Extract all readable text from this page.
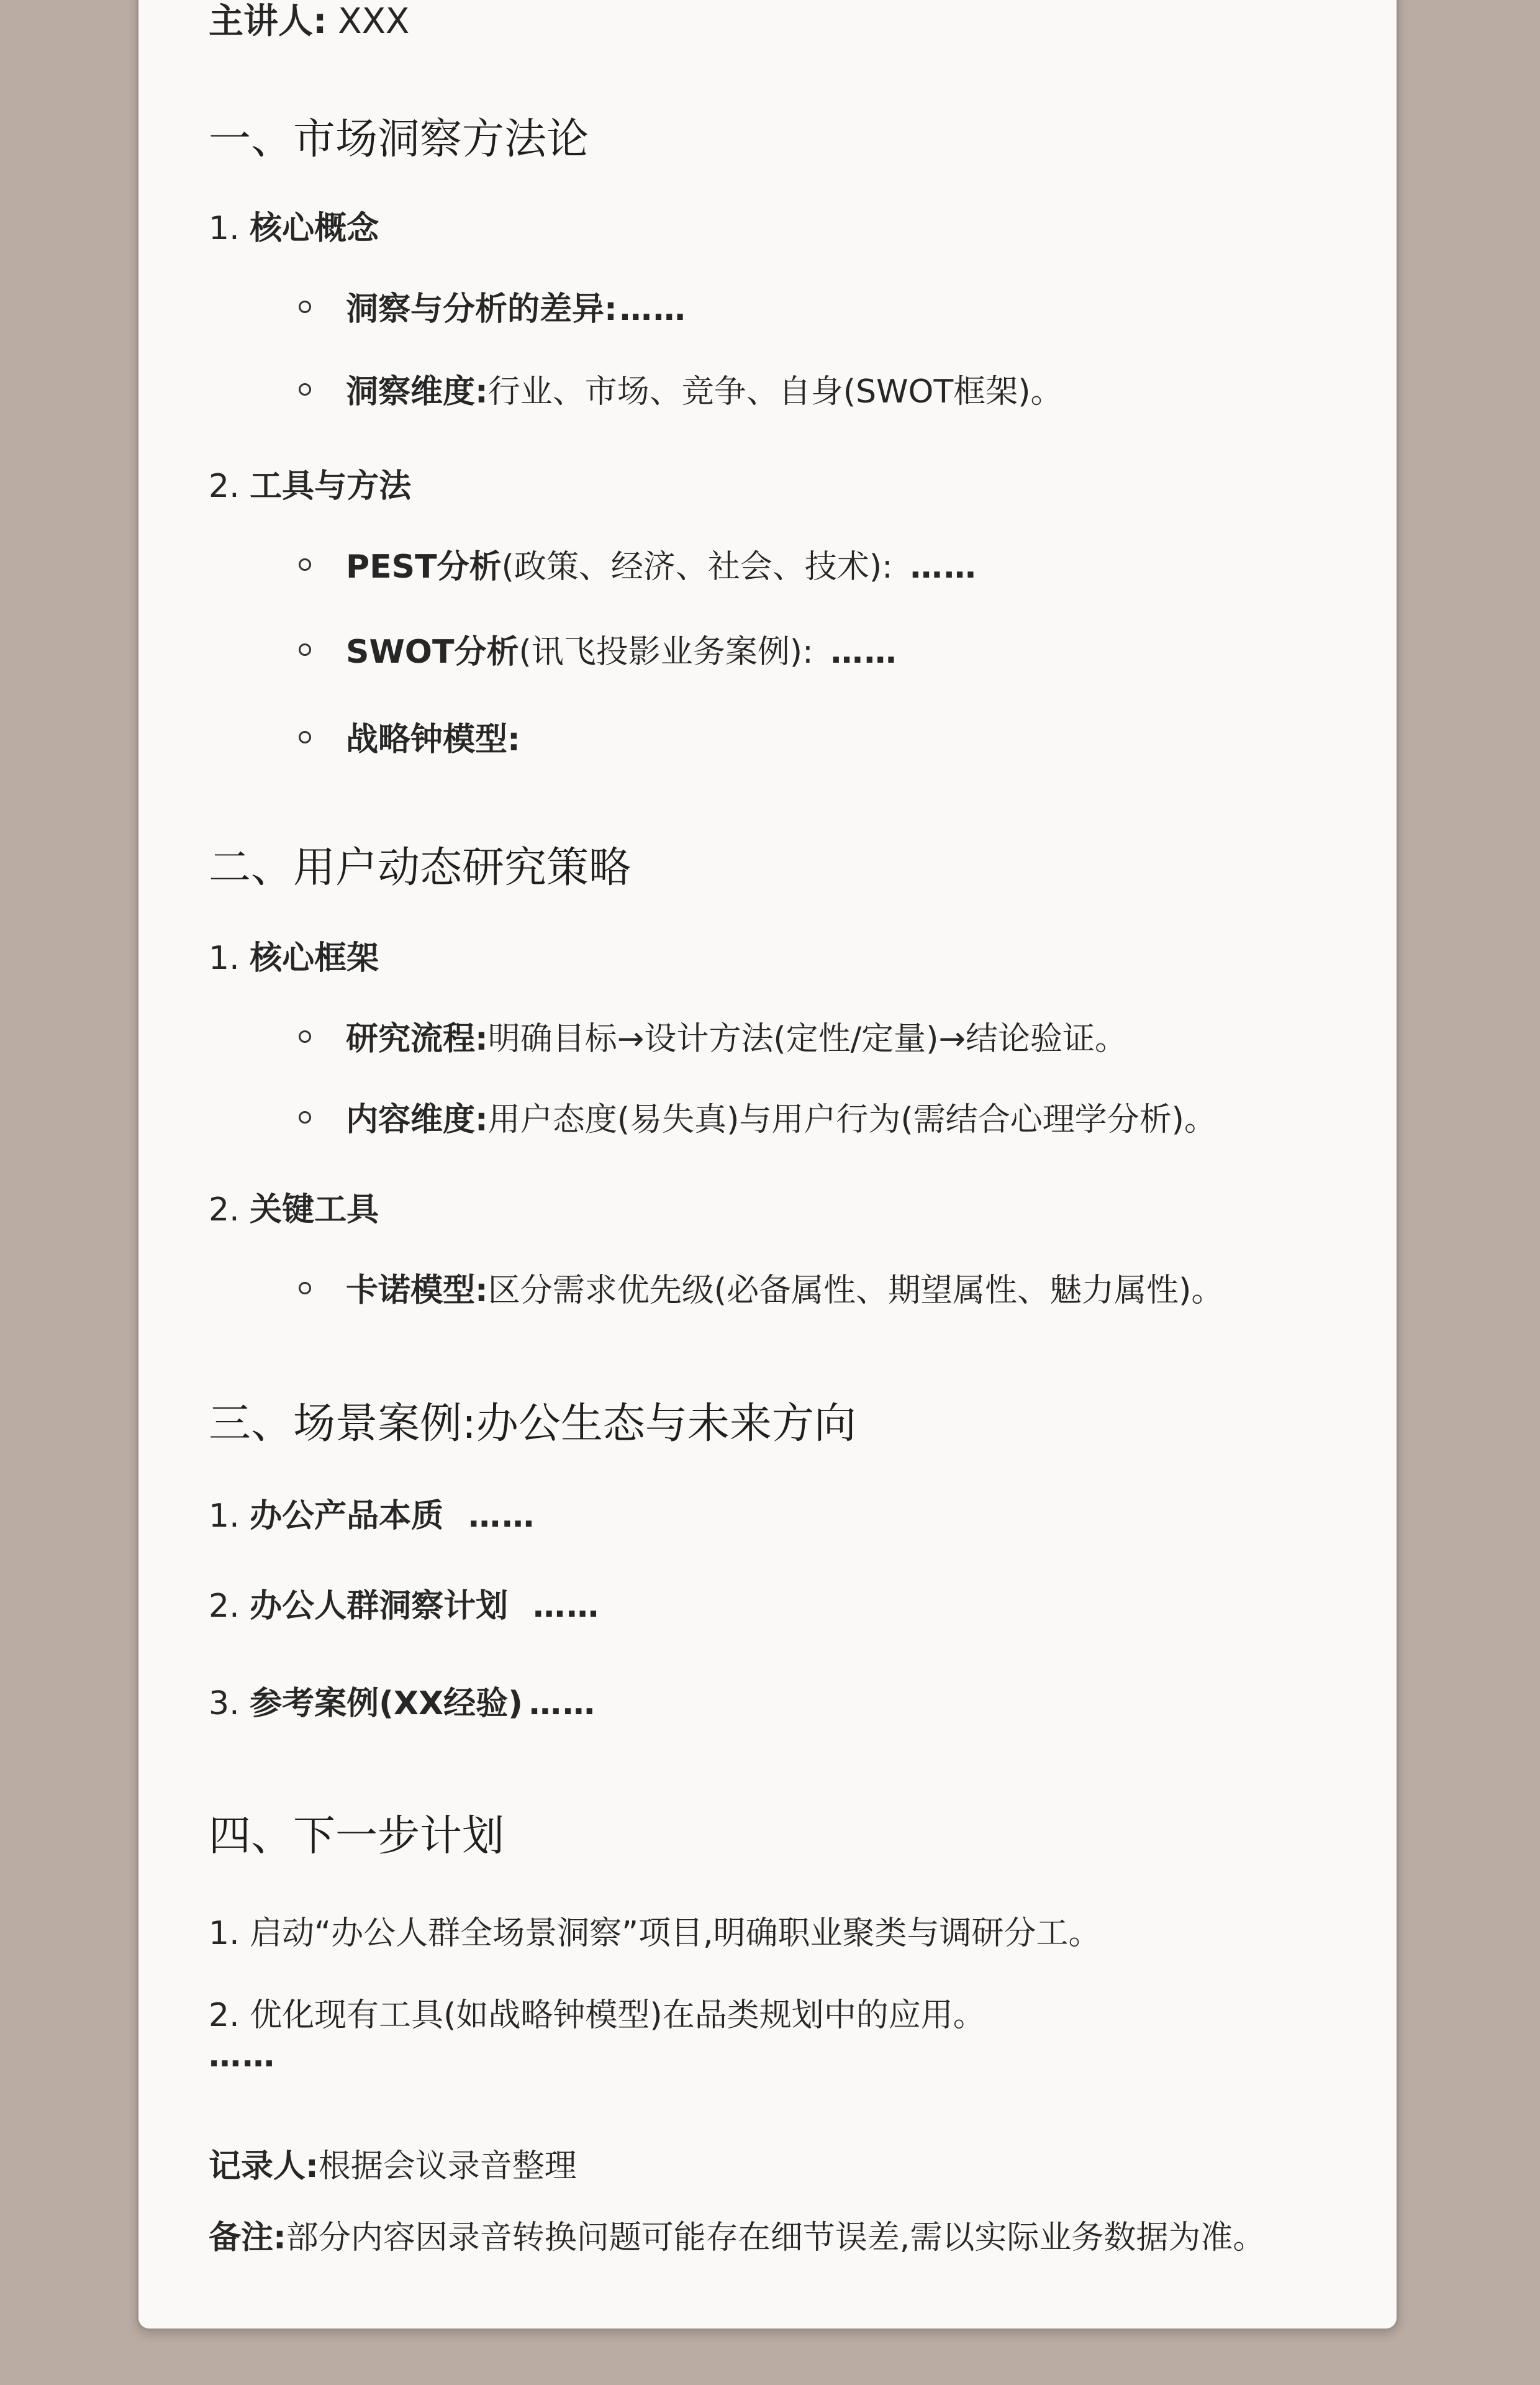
主讲人: XXX
一、市场洞察方法论
1. 核心概念
洞察与分析的差异:……
洞察维度:行业、市场、竞争、自身(SWOT框架)。
2. 工具与方法
PEST分析(政策、经济、社会、技术): ……
SWOT分析(讯飞投影业务案例): ……
战略钟模型:
二、用户动态研究策略
1. 核心框架
研究流程:明确目标→设计方法(定性/定量)→结论验证。
内容维度:用户态度(易失真)与用户行为(需结合心理学分析)。
2. 关键工具
卡诺模型:区分需求优先级(必备属性、期望属性、魅力属性)。
三、场景案例:办公生态与未来方向
1. 办公产品本质 ……
2. 办公人群洞察计划 ……
3. 参考案例(XX经验) ……
四、下一步计划
1. 启动“办公人群全场景洞察”项目,明确职业聚类与调研分工。
2. 优化现有工具(如战略钟模型)在品类规划中的应用。
……
记录人:根据会议录音整理
备注:部分内容因录音转换问题可能存在细节误差,需以实际业务数据为准。
